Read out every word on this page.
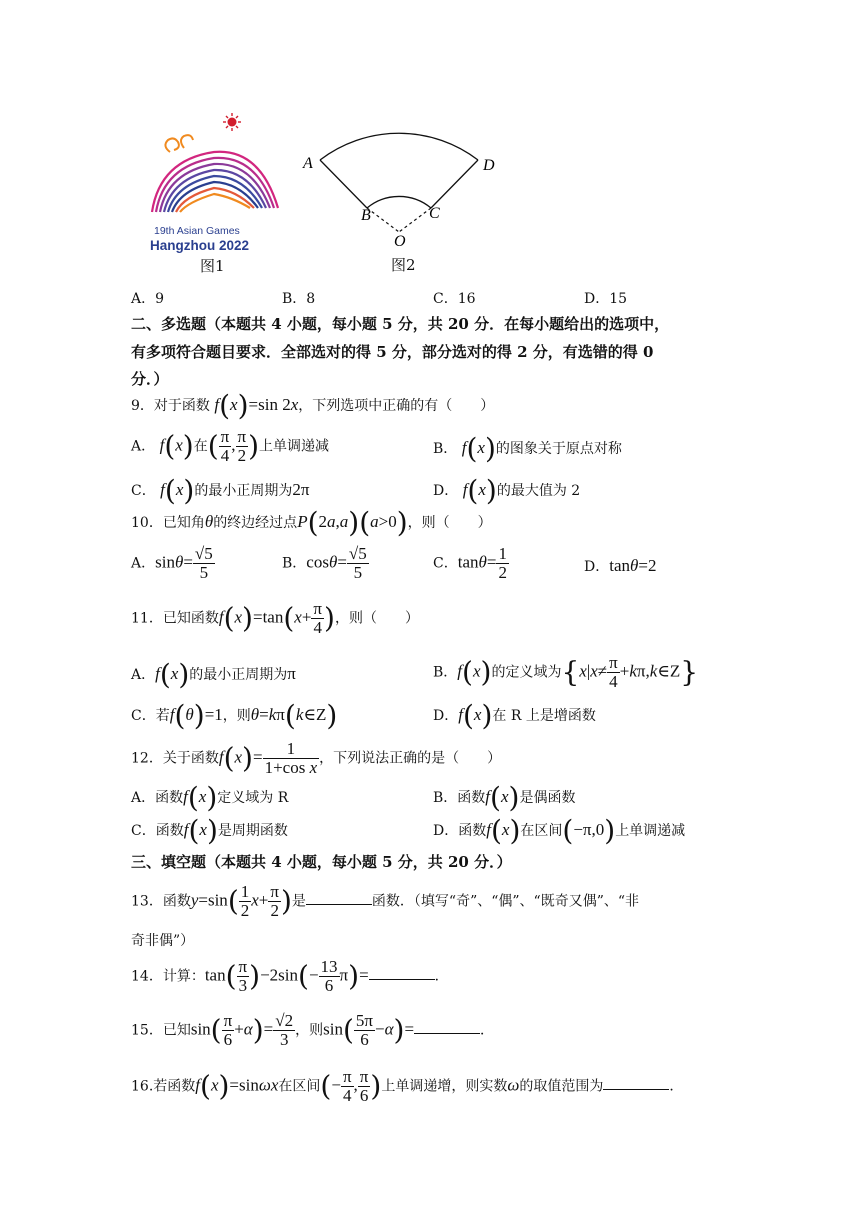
19th Asian Games
Hangzhou 2022
图1
A	D
B	C
O
图2
A．9	B．8	C．16	D．15
二、多选题（本题共 4 小题，每小题 5 分，共 20 分．在每小题给出的选项中，
有多项符合题目要求．全部选对的得 5 分，部分选对的得 2 分，有选错的得 0
分．）
9．对于函数 f(x)=sin 2x，下列选项中正确的有（　　）
A． f(x)在( $\frac{\pi}{4}$ , $\frac{\pi}{2}$ )上单调递减	B． f(x)的图象关于原点对称
C． f(x)的最小正周期为2π	D． f(x)的最大值为 2
10．已知角θ的终边经过点P(2a,a)(a>0)，则（　　）
A．$\sin\theta= \frac{√5}{5}$	B．$\cos\theta= \frac{√5}{5}$	C．$\tan\theta= \frac{1}{2}$	D．tanθ=2
11．已知函数$f(x)=\tan(x+ \frac{\pi}{4}$ )，则（　　）
A．f(x)的最小正周期为π	B．f(x)的定义域为{$x|x\ne \frac{\pi}{4}$ +kπ,k∈Z}
C．若f(θ)=1，则θ=kπ(k∈Z)	D．f(x)在 R 上是增函数
12．关于函数$f(x)= \frac{1}{\text{1+cos x}}$ ，下列说法正确的是（　　）
A．函数f(x)定义域为 R	B．函数f(x)是偶函数
C．函数f(x)是周期函数	D．函数f(x)在区间(−π,0)上单调递减
三、填空题（本题共 4 小题，每小题 5 分，共 20 分．）
13．函数$y=\sin( \frac{1}{2} x+ \frac{\pi}{2}$ )是	函数．（填写“奇”、“偶”、“既奇又偶”、“非
奇非偶”）
14．计算：$\tan( \frac{\pi}{3} )-2\sin(- \frac{13}{6} \pi)=$	．
15．已知$\sin( \frac{\pi}{6} +\alpha)= \frac{√2}{3}$ ，则$\sin( \frac{5\pi}{6} -\alpha)=$	．
16.若函数f(x)=sinωx在区间(− $\frac{\pi}{4}$ , $\frac{\pi}{6}$ )上单调递增，则实数ω的取值范围为	．
